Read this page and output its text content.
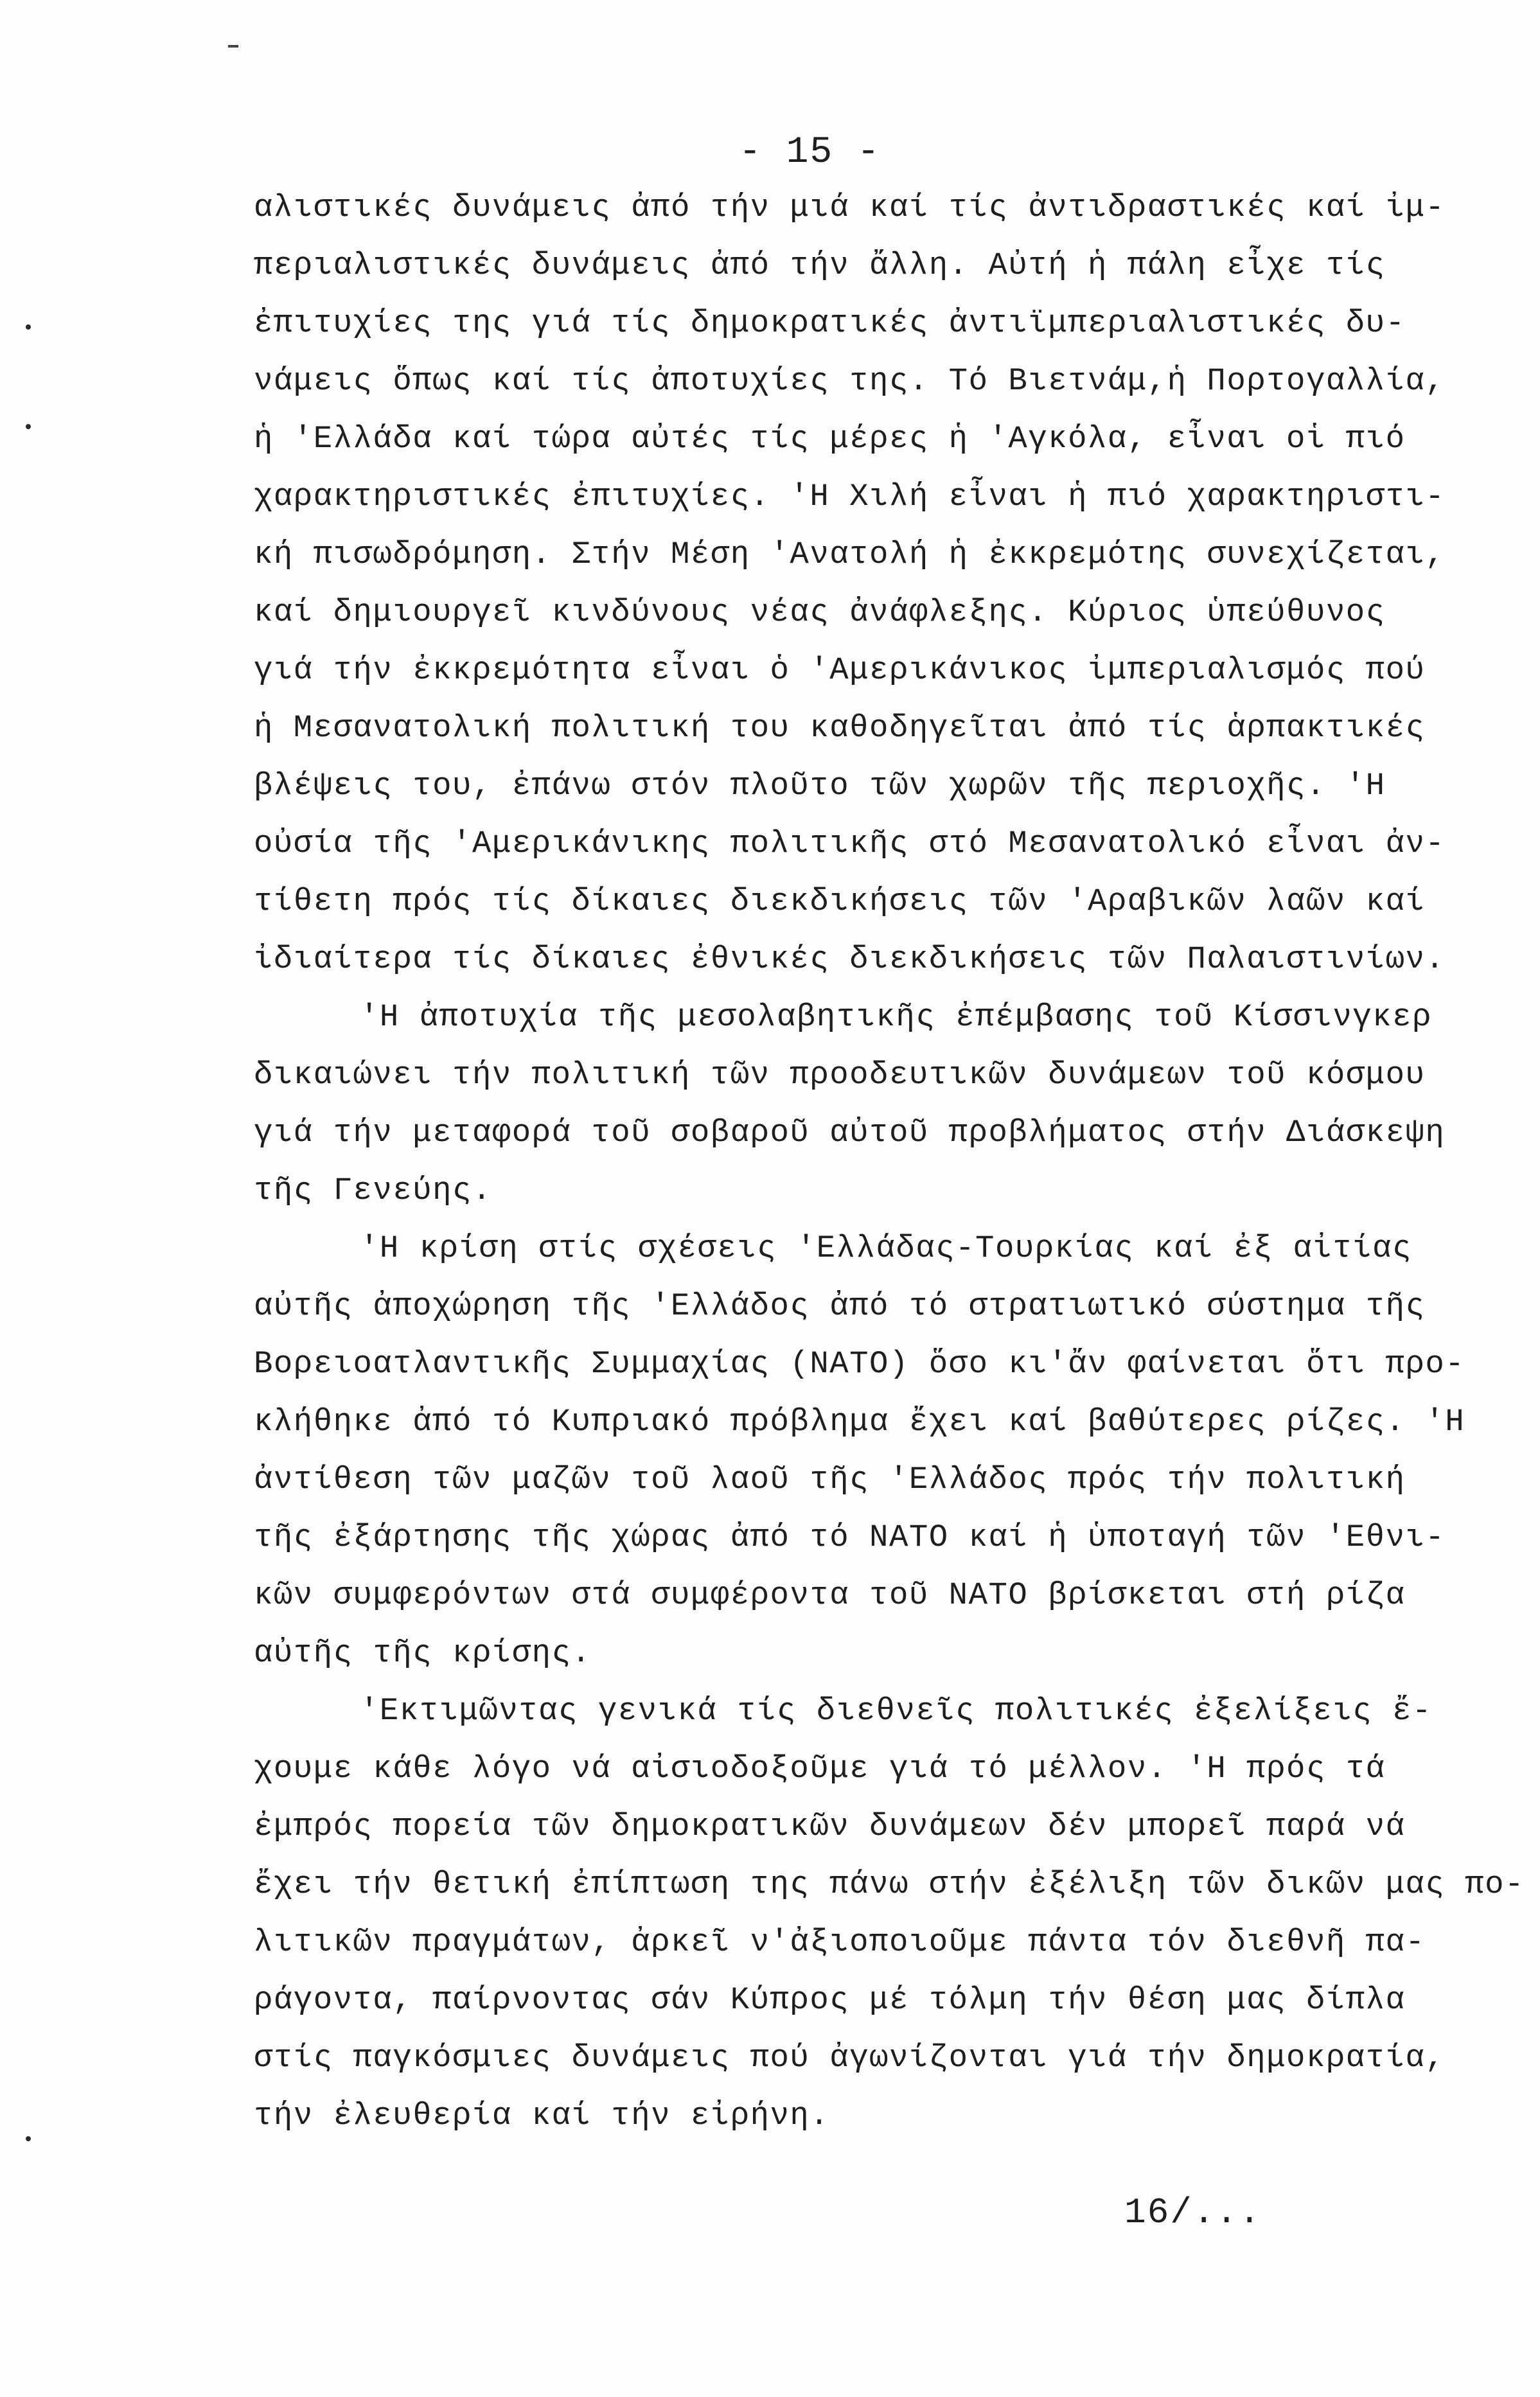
- 15 -
αλιστικές δυνάμεις ἀπό τήν μιά καί τίς ἀντιδραστικές καί ἰμ-
περιαλιστικές δυνάμεις ἀπό τήν ἄλλη. Αὐτή ἡ πάλη εἶχε τίς
ἐπιτυχίες της γιά τίς δημοκρατικές ἀντιϊμπεριαλιστικές δυ-
νάμεις ὅπως καί τίς ἀποτυχίες της. Τό Βιετνάμ,ἡ Πορτογαλλία,
ἡ 'Ελλάδα καί τώρα αὐτές τίς μέρες ἡ 'Αγκόλα, εἶναι οἱ πιό
χαρακτηριστικές ἐπιτυχίες. 'Η Χιλή εἶναι ἡ πιό χαρακτηριστι-
κή πισωδρόμηση. Στήν Μέση 'Ανατολή ἡ ἐκκρεμότης συνεχίζεται,
καί δημιουργεῖ κινδύνους νέας ἀνάφλεξης. Κύριος ὑπεύθυνος
γιά τήν ἐκκρεμότητα εἶναι ὁ 'Αμερικάνικος ἰμπεριαλισμός πού
ἡ Μεσανατολική πολιτική του καθοδηγεῖται ἀπό τίς ἁρπακτικές
βλέψεις του, ἐπάνω στόν πλοῦτο τῶν χωρῶν τῆς περιοχῆς. 'Η
οὐσία τῆς 'Αμερικάνικης πολιτικῆς στό Μεσανατολικό εἶναι ἀν-
τίθετη πρός τίς δίκαιες διεκδικήσεις τῶν 'Αραβικῶν λαῶν καί
ἰδιαίτερα τίς δίκαιες ἐθνικές διεκδικήσεις τῶν Παλαιστινίων.
'Η ἀποτυχία τῆς μεσολαβητικῆς ἐπέμβασης τοῦ Κίσσινγκερ
δικαιώνει τήν πολιτική τῶν προοδευτικῶν δυνάμεων τοῦ κόσμου
γιά τήν μεταφορά τοῦ σοβαροῦ αὐτοῦ προβλήματος στήν Διάσκεψη
τῆς Γενεύης.
'Η κρίση στίς σχέσεις 'Ελλάδας-Τουρκίας καί ἐξ αἰτίας
αὐτῆς ἀποχώρηση τῆς 'Ελλάδος ἀπό τό στρατιωτικό σύστημα τῆς
Βορειοατλαντικῆς Συμμαχίας (ΝΑΤΟ) ὅσο κι'ἄν φαίνεται ὅτι προ-
κλήθηκε ἀπό τό Κυπριακό πρόβλημα ἔχει καί βαθύτερες ρίζες. 'Η
ἀντίθεση τῶν μαζῶν τοῦ λαοῦ τῆς 'Ελλάδος πρός τήν πολιτική
τῆς ἐξάρτησης τῆς χώρας ἀπό τό ΝΑΤΟ καί ἡ ὑποταγή τῶν 'Εθνι-
κῶν συμφερόντων στά συμφέροντα τοῦ ΝΑΤΟ βρίσκεται στή ρίζα
αὐτῆς τῆς κρίσης.
'Εκτιμῶντας γενικά τίς διεθνεῖς πολιτικές ἐξελίξεις ἔ-
χουμε κάθε λόγο νά αἰσιοδοξοῦμε γιά τό μέλλον. 'Η πρός τά
ἐμπρός πορεία τῶν δημοκρατικῶν δυνάμεων δέν μπορεῖ παρά νά
ἔχει τήν θετική ἐπίπτωση της πάνω στήν ἐξέλιξη τῶν δικῶν μας πο-
λιτικῶν πραγμάτων, ἀρκεῖ ν'ἀξιοποιοῦμε πάντα τόν διεθνῆ πα-
ράγοντα, παίρνοντας σάν Κύπρος μέ τόλμη τήν θέση μας δίπλα
στίς παγκόσμιες δυνάμεις πού ἀγωνίζονται γιά τήν δημοκρατία,
τήν ἐλευθερία καί τήν εἰρήνη.
16/...
